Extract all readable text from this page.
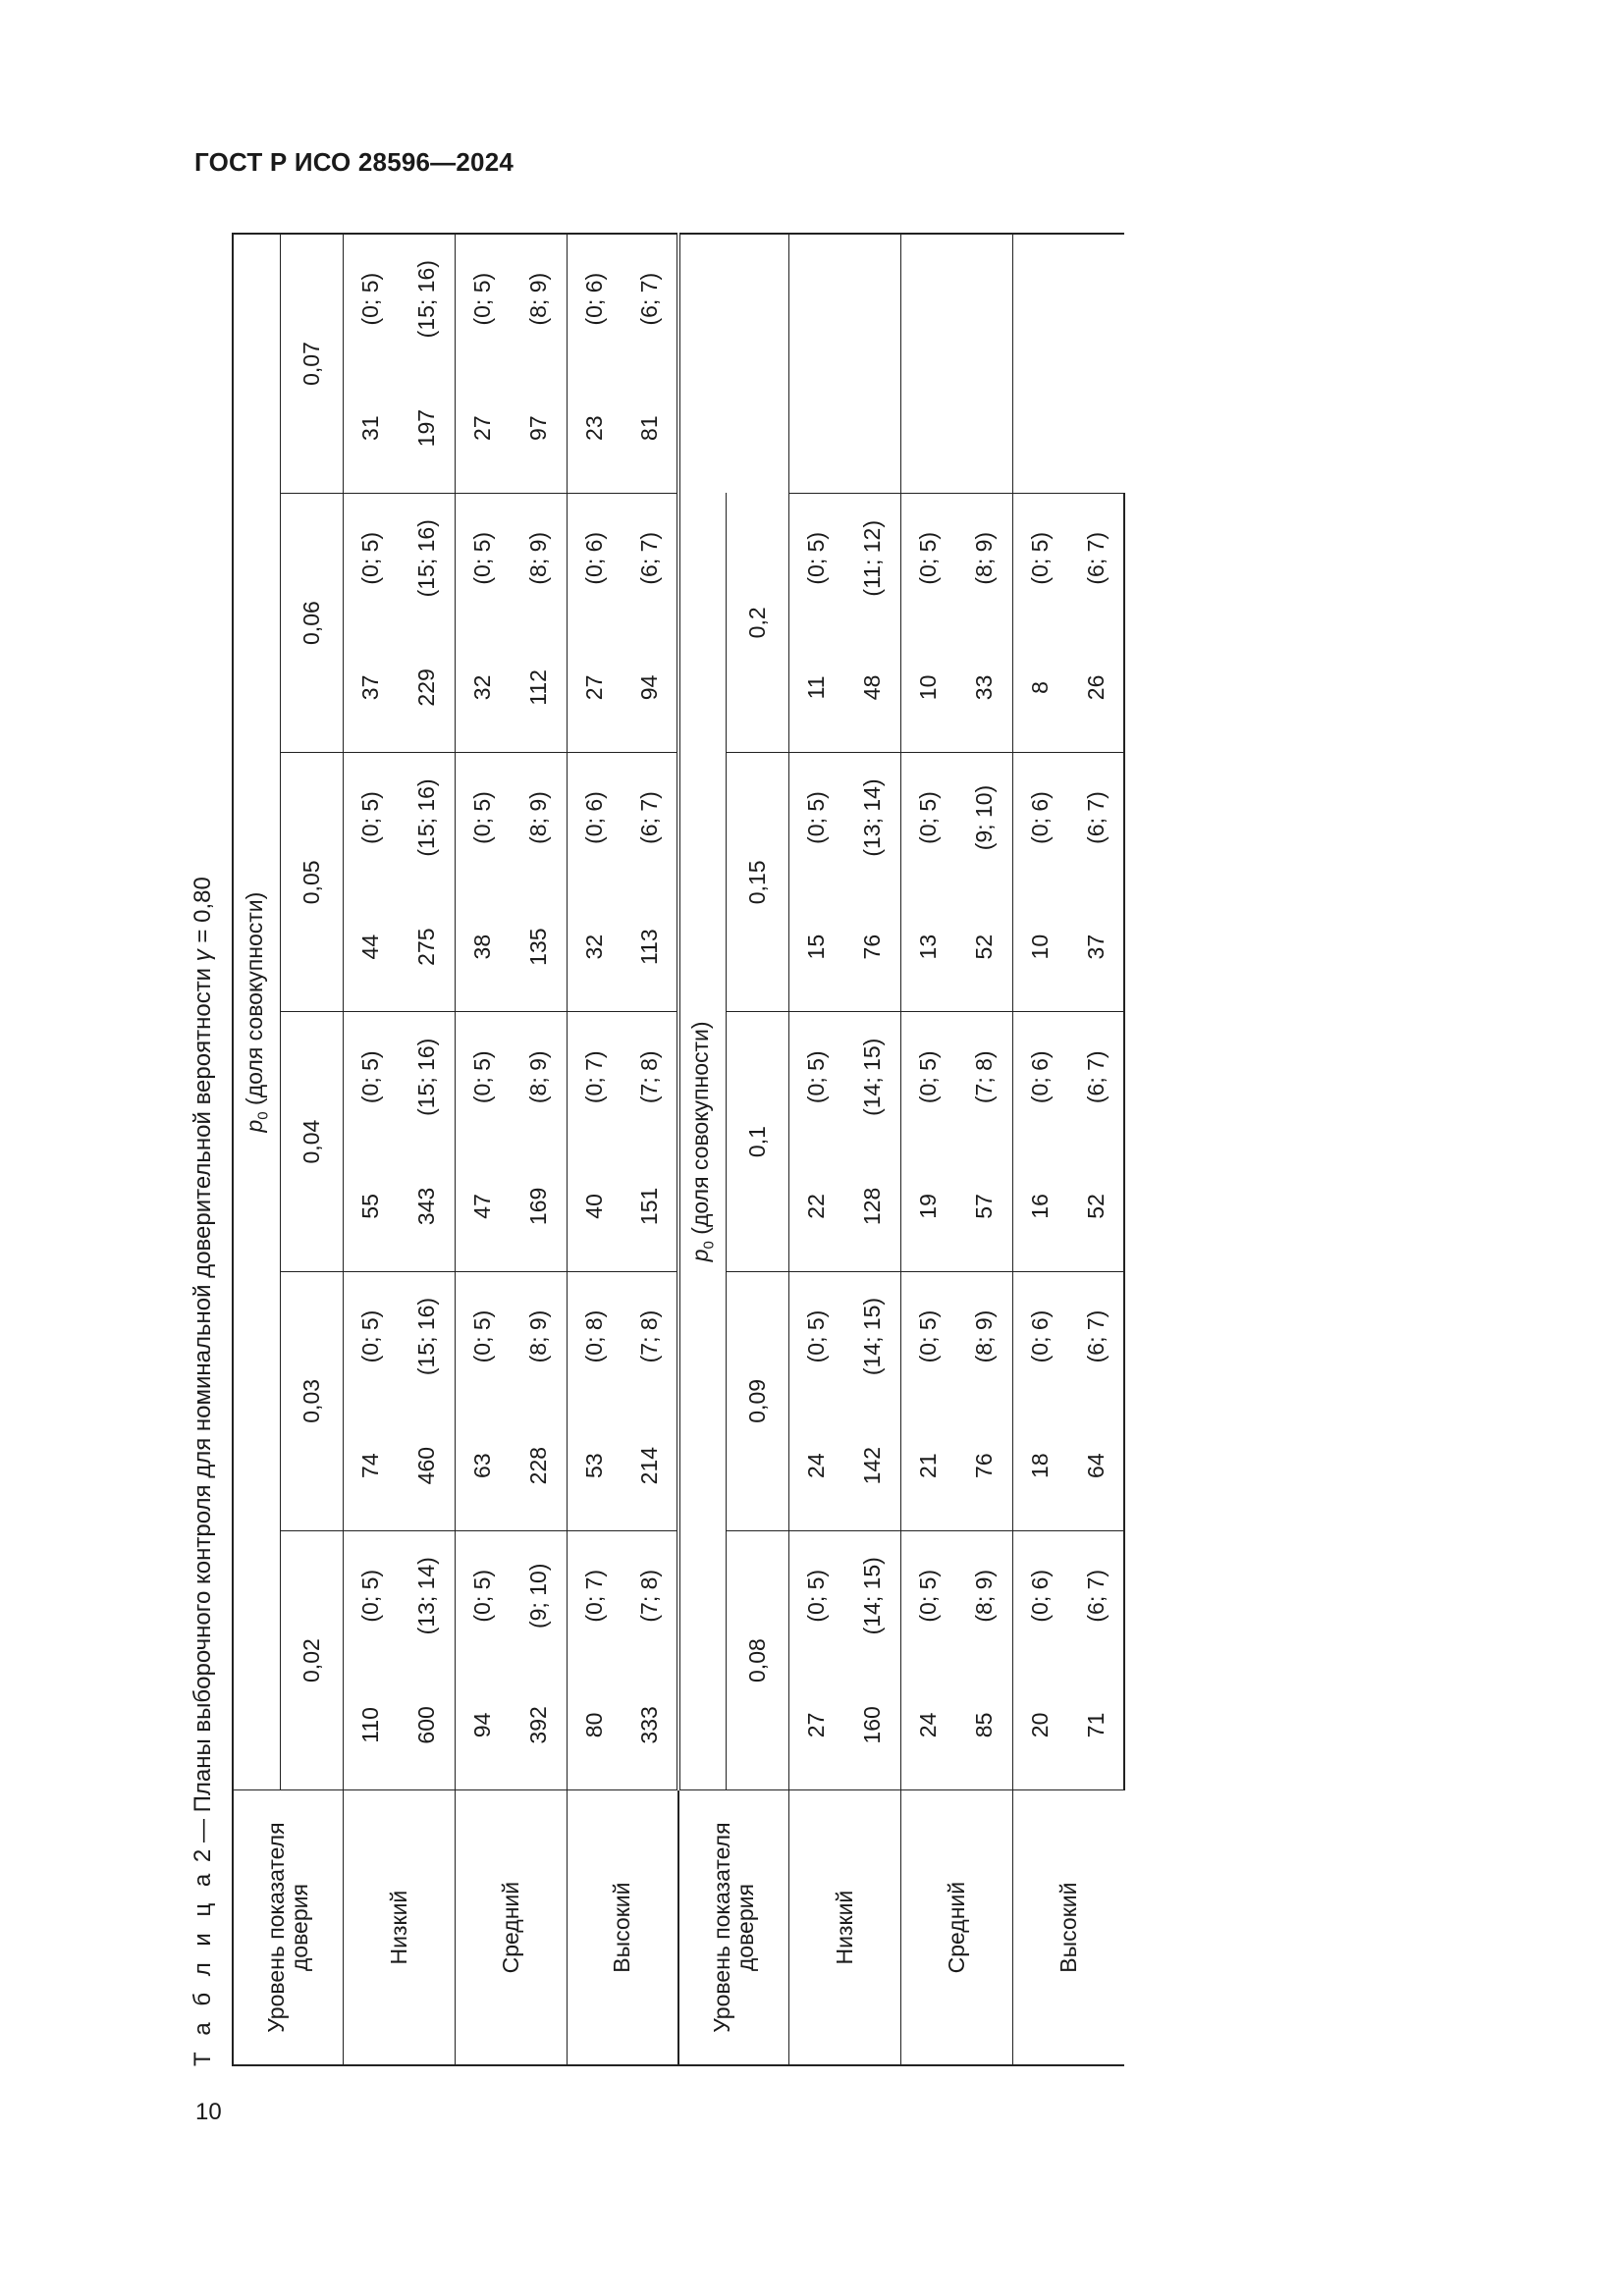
ГОСТ Р ИСО 28596—2024
10
Т а б л и ц а 2 — Планы выборочного контроля для номинальной доверительной вероятности γ = 0,80
Уровень показателя доверия	$p_0$ (доля совокупности)											
	0,02		0,03		0,04		0,05		0,06		0,07	
Низкий	110	(0; 5)	74	(0; 5)	55	(0; 5)	44	(0; 5)	37	(0; 5)	31	(0; 5)
	600	(13; 14)	460	(15; 16)	343	(15; 16)	275	(15; 16)	229	(15; 16)	197	(15; 16)
Средний	94	(0; 5)	63	(0; 5)	47	(0; 5)	38	(0; 5)	32	(0; 5)	27	(0; 5)
	392	(9; 10)	228	(8; 9)	169	(8; 9)	135	(8; 9)	112	(8; 9)	97	(8; 9)
Высокий	80	(0; 7)	53	(0; 8)	40	(0; 7)	32	(0; 6)	27	(0; 6)	23	(0; 6)
	333	(7; 8)	214	(7; 8)	151	(7; 8)	113	(6; 7)	94	(6; 7)	81	(6; 7)
Уровень показателя доверия	$p_0$ (доля совокупности)											
	0,08		0,09		0,1		0,15		0,2			
Низкий	27	(0; 5)	24	(0; 5)	22	(0; 5)	15	(0; 5)	11	(0; 5)		
	160	(14; 15)	142	(14; 15)	128	(14; 15)	76	(13; 14)	48	(11; 12)		
Средний	24	(0; 5)	21	(0; 5)	19	(0; 5)	13	(0; 5)	10	(0; 5)		
	85	(8; 9)	76	(8; 9)	57	(7; 8)	52	(9; 10)	33	(8; 9)		
Высокий	20	(0; 6)	18	(0; 6)	16	(0; 6)	10	(0; 6)	8	(0; 5)		
	71	(6; 7)	64	(6; 7)	52	(6; 7)	37	(6; 7)	26	(6; 7)		
